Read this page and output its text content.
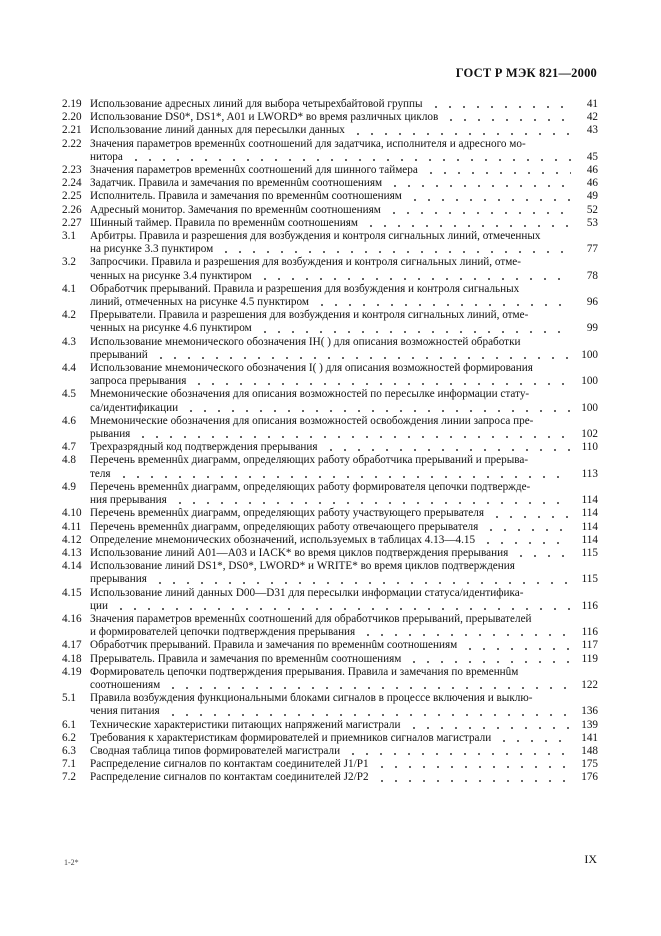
ГОСТ Р МЭК 821—2000
2.19 Использование адресных линий для выбора четырехбайтовой группы	41
2.20 Использование DS0*, DS1*, A01 и LWORD* во время различных циклов	42
2.21 Использование линий данных для пересылки данных	43
2.22 Значения параметров временнûх соотношений для задатчика, исполнителя и адресного мо-
нитора	45
2.23 Значения параметров временнûх соотношений для шинного таймера	46
2.24 Задатчик. Правила и замечания по временнûм соотношениям	46
2.25 Исполнитель. Правила и замечания по временнûм соотношениям	49
2.26 Адресный монитор. Замечания по временнûм соотношениям	52
2.27 Шинный таймер. Правила по временнûм соотношениям	53
3.1	Арбитры. Правила и разрешения для возбуждения и контроля сигнальных линий, отмеченных
на рисунке 3.3 пунктиром	77
3.2	Запросчики. Правила и разрешения для возбуждения и контроля сигнальных линий, отме-
ченных на рисунке 3.4 пунктиром	78
4.1	Обработчик прерываний. Правила и разрешения для возбуждения и контроля сигнальных
линий, отмеченных на рисунке 4.5 пунктиром	96
4.2	Прерыватели. Правила и разрешения для возбуждения и контроля сигнальных линий, отме-
ченных на рисунке 4.6 пунктиром	99
4.3	Использование мнемонического обозначения IH( ) для описания возможностей обработки
прерываний	100
4.4	Использование мнемонического обозначения I( ) для описания возможностей формирования
запроса прерывания	100
4.5	Мнемонические обозначения для описания возможностей по пересылке информации стату-
са/идентификации	100
4.6	Мнемонические обозначения для описания возможностей освобождения линии запроса пре-
рывания	102
4.7	Трехразрядный код подтверждения прерывания	110
4.8	Перечень временнûх диаграмм, определяющих работу обработчика прерываний и прерыва-
теля	113
4.9	Перечень временнûх диаграмм, определяющих работу формирователя цепочки подтвержде-
ния прерывания	114
4.10 Перечень временнûх диаграмм, определяющих работу участвующего прерывателя	114
4.11 Перечень временнûх диаграмм, определяющих работу отвечающего прерывателя	114
4.12 Определение мнемонических обозначений, используемых в таблицах 4.13—4.15	114
4.13 Использование линий A01—A03 и IACK* во время циклов подтверждения прерывания	115
4.14 Использование линий DS1*, DS0*, LWORD* и WRITE* во время циклов подтверждения
прерывания	115
4.15 Использование линий данных D00—D31 для пересылки информации статуса/идентифика-
ции	116
4.16 Значения параметров временнûх соотношений для обработчиков прерываний, прерывателей
и формирователей цепочки подтверждения прерывания	116
4.17 Обработчик прерываний. Правила и замечания по временнûм соотношениям	117
4.18 Прерыватель. Правила и замечания по временнûм соотношениям	119
4.19 Формирователь цепочки подтверждения прерывания. Правила и замечания по временнûм
соотношениям	122
5.1	Правила возбуждения функциональными блоками сигналов в процессе включения и выклю-
чения питания	136
6.1	Технические характеристики питающих напряжений магистрали	139
6.2	Требования к характеристикам формирователей и приемников сигналов магистрали	141
6.3	Сводная таблица типов формирователей магистрали	148
7.1	Распределение сигналов по контактам соединителей J1/P1	175
7.2	Распределение сигналов по контактам соединителей J2/P2	176
1-2*	IX
